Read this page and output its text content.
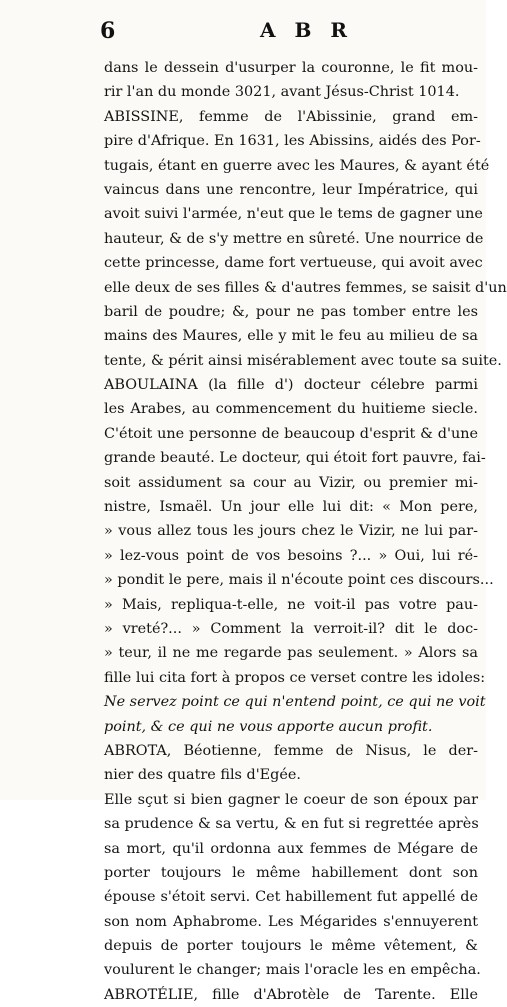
6	A B R
dans le dessein d'usurper la couronne, le fit mou-
rir l'an du monde 3021, avant Jésus-Christ 1014.
ABISSINE, femme de l'Abissinie, grand em-
pire d'Afrique. En 1631, les Abissins, aidés des Por-
tugais, étant en guerre avec les Maures, & ayant été
vaincus dans une rencontre, leur Impératrice, qui
avoit suivi l'armée, n'eut que le tems de gagner une
hauteur, & de s'y mettre en sûreté. Une nourrice de
cette princesse, dame fort vertueuse, qui avoit avec
elle deux de ses filles & d'autres femmes, se saisit d'un
baril de poudre; &, pour ne pas tomber entre les
mains des Maures, elle y mit le feu au milieu de sa
tente, & périt ainsi misérablement avec toute sa suite.
ABOULAINA (la fille d') docteur célebre parmi
les Arabes, au commencement du huitieme siecle.
C'étoit une personne de beaucoup d'esprit & d'une
grande beauté. Le docteur, qui étoit fort pauvre, fai-
soit assidument sa cour au Vizir, ou premier mi-
nistre, Ismaël. Un jour elle lui dit: « Mon pere,
» vous allez tous les jours chez le Vizir, ne lui par-
» lez-vous point de vos besoins ?... » Oui, lui ré-
» pondit le pere, mais il n'écoute point ces discours...
» Mais, repliqua-t-elle, ne voit-il pas votre pau-
» vreté?... » Comment la verroit-il? dit le doc-
» teur, il ne me regarde pas seulement. » Alors sa
fille lui cita fort à propos ce verset contre les idoles:
Ne servez point ce qui n'entend point, ce qui ne voit
point, & ce qui ne vous apporte aucun profit.
ABROTA, Béotienne, femme de Nisus, le der-
nier des quatre fils d'Egée.
Elle sçut si bien gagner le coeur de son époux par
sa prudence & sa vertu, & en fut si regrettée après
sa mort, qu'il ordonna aux femmes de Mégare de
porter toujours le même habillement dont son
épouse s'étoit servi. Cet habillement fut appellé de
son nom Aphabrome. Les Mégarides s'ennuyerent
depuis de porter toujours le même vêtement, &
voulurent le changer; mais l'oracle les en empêcha.
ABROTÉLIE, fille d'Abrotèle de Tarente. Elle
